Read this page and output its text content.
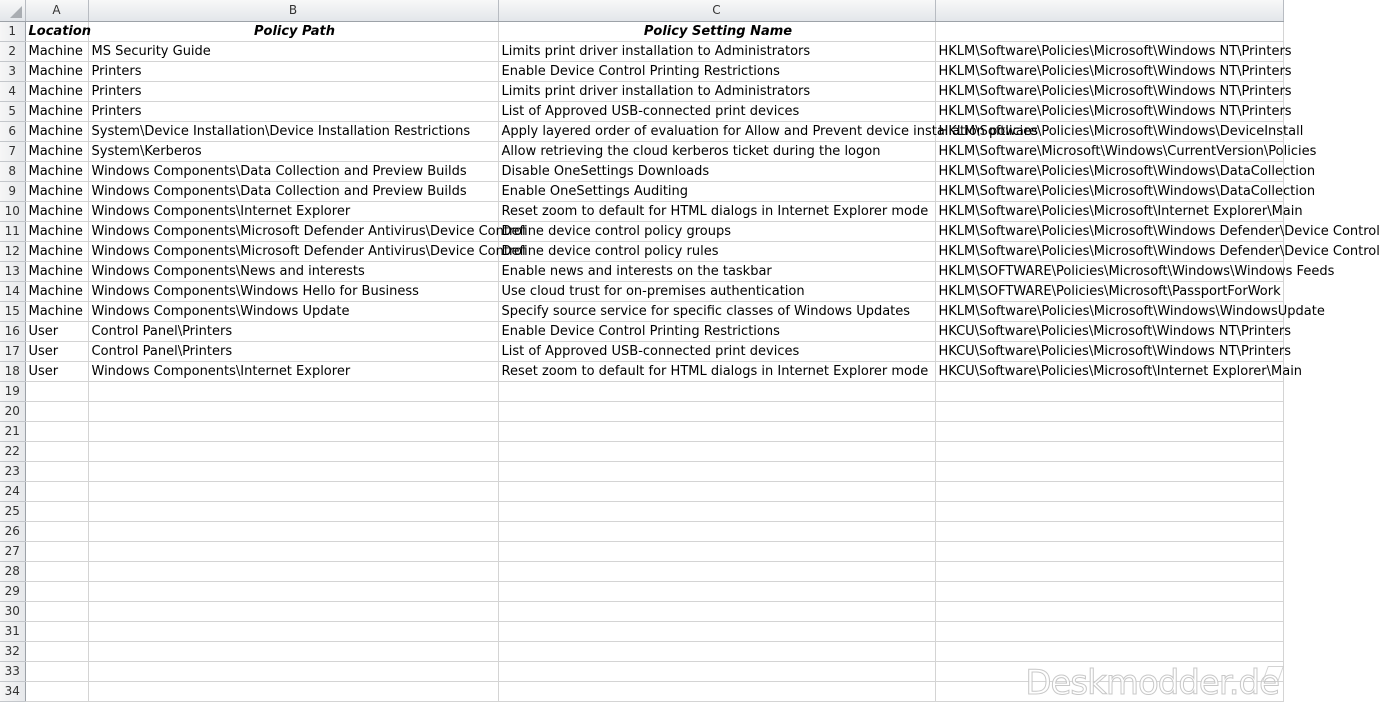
	A	B	C	
1	Location	Policy Path	Policy Setting Name	
2	Machine	MS Security Guide	Limits print driver installation to Administrators	HKLM\Software\Policies\Microsoft\Windows NT\Printers
3	Machine	Printers	Enable Device Control Printing Restrictions	HKLM\Software\Policies\Microsoft\Windows NT\Printers
4	Machine	Printers	Limits print driver installation to Administrators	HKLM\Software\Policies\Microsoft\Windows NT\Printers
5	Machine	Printers	List of Approved USB-connected print devices	HKLM\Software\Policies\Microsoft\Windows NT\Printers
6	Machine	System\Device Installation\Device Installation Restrictions	Apply layered order of evaluation for Allow and Prevent device installation policies	HKLM\Software\Policies\Microsoft\Windows\DeviceInstall
7	Machine	System\Kerberos	Allow retrieving the cloud kerberos ticket during the logon	HKLM\Software\Microsoft\Windows\CurrentVersion\Policies
8	Machine	Windows Components\Data Collection and Preview Builds	Disable OneSettings Downloads	HKLM\Software\Policies\Microsoft\Windows\DataCollection
9	Machine	Windows Components\Data Collection and Preview Builds	Enable OneSettings Auditing	HKLM\Software\Policies\Microsoft\Windows\DataCollection
10	Machine	Windows Components\Internet Explorer	Reset zoom to default for HTML dialogs in Internet Explorer mode	HKLM\Software\Policies\Microsoft\Internet Explorer\Main
11	Machine	Windows Components\Microsoft Defender Antivirus\Device Control	Define device control policy groups	HKLM\Software\Policies\Microsoft\Windows Defender\Device Control
12	Machine	Windows Components\Microsoft Defender Antivirus\Device Control	Define device control policy rules	HKLM\Software\Policies\Microsoft\Windows Defender\Device Control
13	Machine	Windows Components\News and interests	Enable news and interests on the taskbar	HKLM\SOFTWARE\Policies\Microsoft\Windows\Windows Feeds
14	Machine	Windows Components\Windows Hello for Business	Use cloud trust for on-premises authentication	HKLM\SOFTWARE\Policies\Microsoft\PassportForWork
15	Machine	Windows Components\Windows Update	Specify source service for specific classes of Windows Updates	HKLM\Software\Policies\Microsoft\Windows\WindowsUpdate
16	User	Control Panel\Printers	Enable Device Control Printing Restrictions	HKCU\Software\Policies\Microsoft\Windows NT\Printers
17	User	Control Panel\Printers	List of Approved USB-connected print devices	HKCU\Software\Policies\Microsoft\Windows NT\Printers
18	User	Windows Components\Internet Explorer	Reset zoom to default for HTML dialogs in Internet Explorer mode	HKCU\Software\Policies\Microsoft\Internet Explorer\Main
19				
20				
21				
22				
23				
24				
25				
26				
27				
28				
29				
30				
31				
32				
33				
34					Deskmodder.de
